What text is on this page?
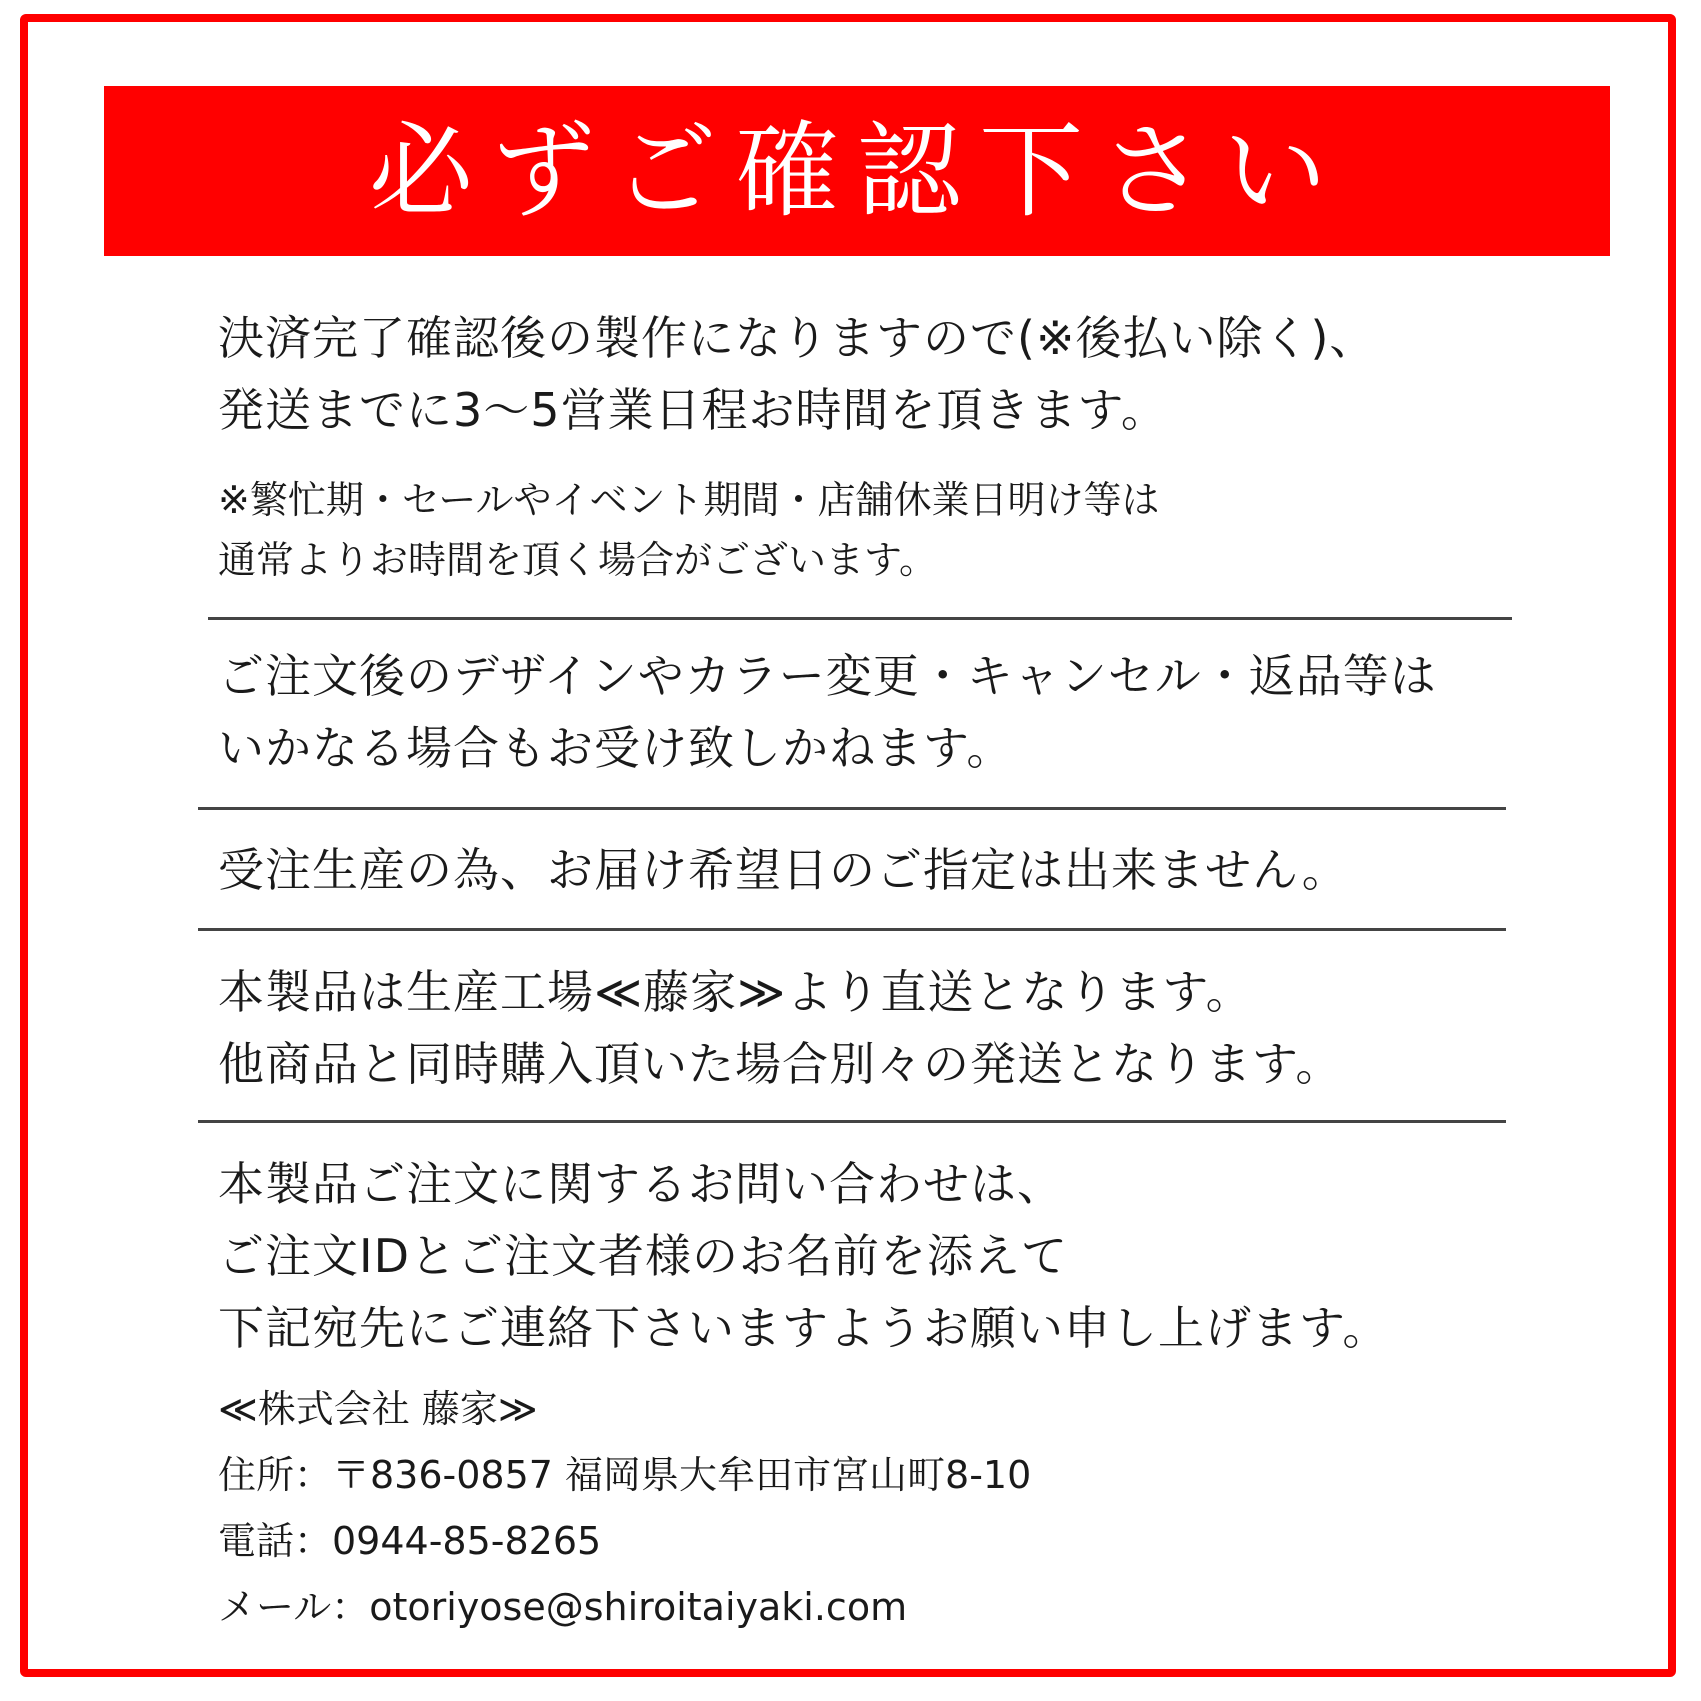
必ずご確認下さい
決済完了確認後の製作になりますので(※後払い除く)、
発送までに3〜5営業日程お時間を頂きます。
※繁忙期・セールやイベント期間・店舗休業日明け等は
通常よりお時間を頂く場合がございます。
ご注文後のデザインやカラー変更・キャンセル・返品等は
いかなる場合もお受け致しかねます。
受注生産の為、お届け希望日のご指定は出来ません。
本製品は生産工場≪藤家≫より直送となります。
他商品と同時購入頂いた場合別々の発送となります。
本製品ご注文に関するお問い合わせは、
ご注文IDとご注文者様のお名前を添えて
下記宛先にご連絡下さいますようお願い申し上げます。
≪株式会社 藤家≫
住所：〒836-0857 福岡県大牟田市宮山町8-10
電話：0944-85-8265
メール：otoriyose@shiroitaiyaki.com
